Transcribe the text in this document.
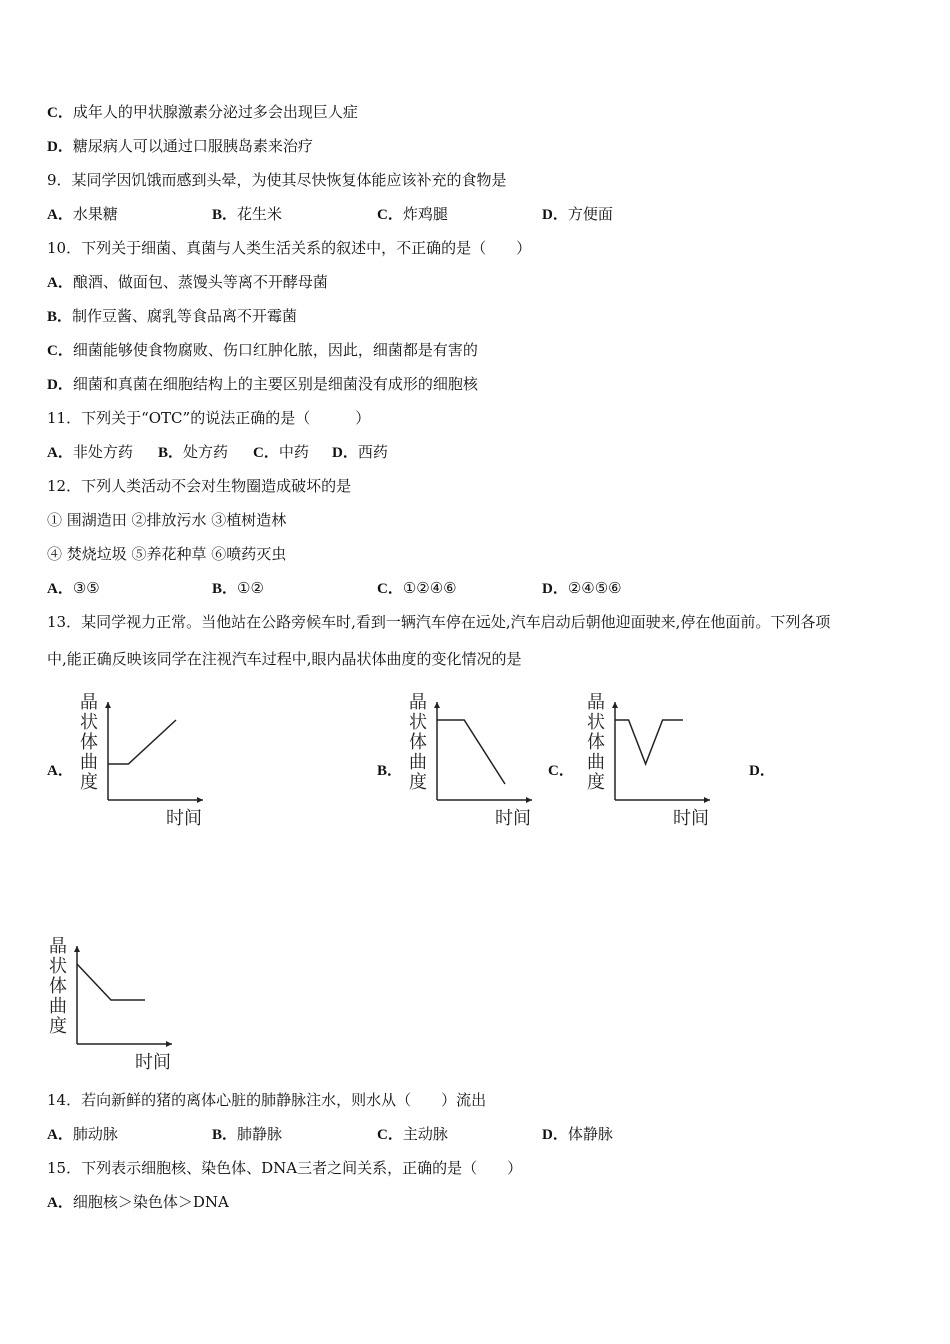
C．成年人的甲状腺激素分泌过多会出现巨人症
D．糖尿病人可以通过口服胰岛素来治疗
9．某同学因饥饿而感到头晕，为使其尽快恢复体能应该补充的食物是
A．水果糖	B．花生米	C．炸鸡腿	D．方便面
10．下列关于细菌、真菌与人类生活关系的叙述中，不正确的是（　　）
A．酿酒、做面包、蒸馒头等离不开酵母菌
B．制作豆酱、腐乳等食品离不开霉菌
C．细菌能够使食物腐败、伤口红肿化脓，因此，细菌都是有害的
D．细菌和真菌在细胞结构上的主要区别是细菌没有成形的细胞核
11．下列关于“OTC”的说法正确的是（　　　）
A．非处方药 B．处方药 C．中药 D．西药
12．下列人类活动不会对生物圈造成破坏的是
① 围湖造田 ②排放污水 ③植树造林
④ 焚烧垃圾 ⑤养花种草 ⑥喷药灭虫
A．③⑤	B．①②	C．①②④⑥	D．②④⑤⑥
13．某同学视力正常。当他站在公路旁候车时,看到一辆汽车停在远处,汽车启动后朝他迎面驶来,停在他面前。下列各项
中,能正确反映该同学在注视汽车过程中,眼内晶状体曲度的变化情况的是
A．	B．	C．	D．
晶
状
体
曲
度
时间
晶
状
体
曲
度
时间
晶
状
体
曲
度
时间
晶
状
体
曲
度
时间
14．若向新鲜的猪的离体心脏的肺静脉注水，则水从（　　）流出
A．肺动脉	B．肺静脉	C．主动脉	D．体静脉
15．下列表示细胞核、染色体、DNA三者之间关系，正确的是（　　）
A．细胞核＞染色体＞DNA
